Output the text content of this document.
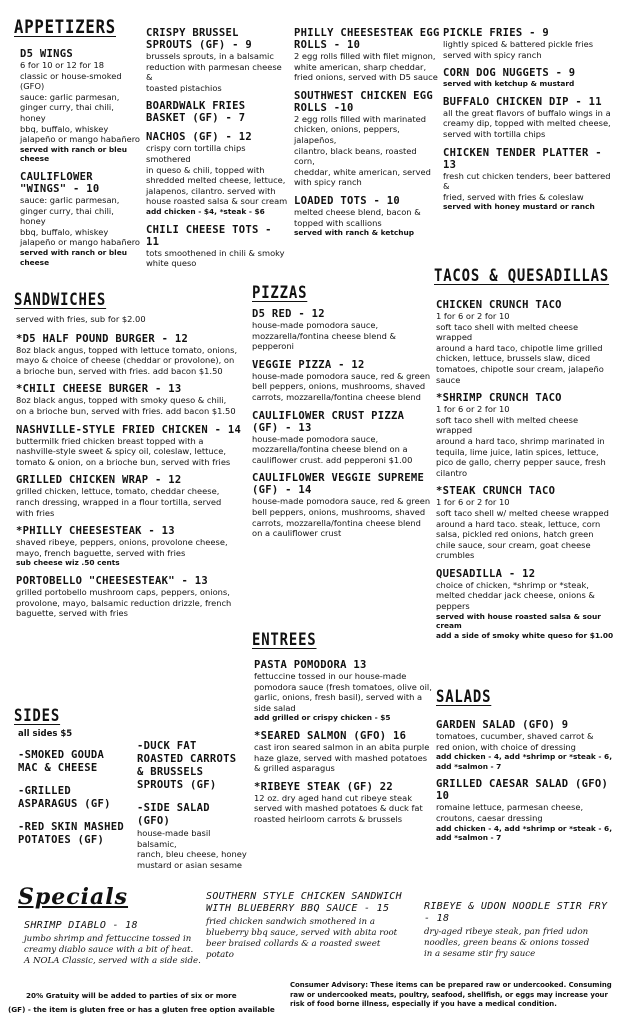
APPETIZERS
D5 WINGS
6 for 10 or 12 for 18
classic or house-smoked
(GFO)
sauce: garlic parmesan,
ginger curry, thai chili, honey
bbq, buffalo, whiskey
jalapeño or mango habañero
served with ranch or bleu cheese
CAULIFLOWER "WINGS" - 10
sauce: garlic parmesan,
ginger curry, thai chili, honey
bbq, buffalo, whiskey
jalapeño or mango habañero
served with ranch or bleu cheese
CRISPY BRUSSEL SPROUTS (GF) - 9
brussels sprouts, in a balsamic
reduction with parmesan cheese &
toasted pistachios
BOARDWALK FRIES BASKET (GF) - 7
NACHOS (GF) - 12
crispy corn tortilla chips smothered
in queso & chili, topped with
shredded melted cheese, lettuce,
jalapenos, cilantro. served with
house roasted salsa & sour cream
add chicken - $4, *steak - $6
CHILI CHEESE TOTS - 11
tots smoothened in chili & smoky
white queso
PHILLY CHEESESTEAK EGG ROLLS - 10
2 egg rolls filled with filet mignon,
white american, sharp cheddar,
fried onions, served with D5 sauce
SOUTHWEST CHICKEN EGG ROLLS -10
2 egg rolls filled with marinated
chicken, onions, peppers, jalapeños,
cilantro, black beans, roasted corn,
cheddar, white american, served
with spicy ranch
LOADED TOTS - 10
melted cheese blend, bacon &
topped with scallions
served with ranch & ketchup
PICKLE FRIES - 9
lightly spiced & battered pickle fries
served with spicy ranch
CORN DOG NUGGETS - 9
served with ketchup & mustard
BUFFALO CHICKEN DIP - 11
all the great flavors of buffalo wings in a
creamy dip, topped with melted cheese,
served with tortilla chips
CHICKEN TENDER PLATTER - 13
fresh cut chicken tenders, beer battered &
fried, served with fries & coleslaw
served with honey mustard or ranch
SANDWICHES
served with fries, sub for $2.00
*D5 HALF POUND BURGER - 12
8oz black angus, topped with lettuce tomato, onions,
mayo & choice of cheese (cheddar or provolone), on
a brioche bun, served with fries. add bacon $1.50
*CHILI CHEESE BURGER - 13
8oz black angus, topped with smoky queso & chili,
on a brioche bun, served with fries. add bacon $1.50
NASHVILLE-STYLE FRIED CHICKEN - 14
buttermilk fried chicken breast topped with a
nashville-style sweet & spicy oil, coleslaw, lettuce,
tomato & onion, on a brioche bun, served with fries
GRILLED CHICKEN WRAP - 12
grilled chicken, lettuce, tomato, cheddar cheese,
ranch dressing, wrapped in a flour tortilla, served
with fries
*PHILLY CHEESESTEAK - 13
shaved ribeye, peppers, onions, provolone cheese,
mayo, french baguette, served with fries
sub cheese wiz .50 cents
PORTOBELLO "CHEESESTEAK" - 13
grilled portobello mushroom caps, peppers, onions,
provolone, mayo, balsamic reduction drizzle, french
baguette, served with fries
PIZZAS
D5 RED - 12
house-made pomodora sauce,
mozzarella/fontina cheese blend &
pepperoni
VEGGIE PIZZA - 12
house-made pomodora sauce, red & green
bell peppers, onions, mushrooms, shaved
carrots, mozzarella/fontina cheese blend
CAULIFLOWER CRUST PIZZA (GF) - 13
house-made pomodora sauce,
mozzarella/fontina cheese blend on a
cauliflower crust. add pepperoni $1.00
CAULIFLOWER VEGGIE SUPREME (GF) - 14
house-made pomodora sauce, red & green
bell peppers, onions, mushrooms, shaved
carrots, mozzarella/fontina cheese blend
on a cauliflower crust
TACOS & QUESADILLAS
CHICKEN CRUNCH TACO
1 for 6 or 2 for 10
soft taco shell with melted cheese wrapped
around a hard taco, chipotle lime grilled
chicken, lettuce, brussels slaw, diced
tomatoes, chipotle sour cream, jalapeño
sauce
*SHRIMP CRUNCH TACO
1 for 6 or 2 for 10
soft taco shell with melted cheese wrapped
around a hard taco, shrimp marinated in
tequila, lime juice, latin spices, lettuce,
pico de gallo, cherry pepper sauce, fresh
cilantro
*STEAK CRUNCH TACO
1 for 6 or 2 for 10
soft taco shell w/ melted cheese wrapped
around a hard taco. steak, lettuce, corn
salsa, pickled red onions, hatch green
chile sauce, sour cream, goat cheese
crumbles
QUESADILLA - 12
choice of chicken, *shrimp or *steak,
melted cheddar jack cheese, onions &
peppers
served with house roasted salsa & sour cream
add a side of smoky white queso for $1.00
ENTREES
PASTA POMODORA 13
fettuccine tossed in our house-made
pomodora sauce (fresh tomatoes, olive oil,
garlic, onions, fresh basil), served with a
side salad
add grilled or crispy chicken - $5
*SEARED SALMON (GFO) 16
cast iron seared salmon in an abita purple
haze glaze, served with mashed potatoes
& grilled asparagus
*RIBEYE STEAK (GF) 22
12 oz. dry aged hand cut ribeye steak
served with mashed potatoes & duck fat
roasted heirloom carrots & brussels
SALADS
GARDEN SALAD (GFO) 9
tomatoes, cucumber, shaved carrot &
red onion, with choice of dressing
add chicken - 4, add *shrimp or *steak - 6,
add *salmon - 7
GRILLED CAESAR SALAD (GFO) 10
romaine lettuce, parmesan cheese,
croutons, caesar dressing
add chicken - 4, add *shrimp or *steak - 6,
add *salmon - 7
SIDES
all sides $5
-SMOKED GOUDA MAC & CHEESE
-GRILLED ASPARAGUS (GF)
-RED SKIN MASHED POTATOES (GF)
-DUCK FAT ROASTED CARROTS & BRUSSELS SPROUTS (GF)
-SIDE SALAD (GFO)
house-made basil balsamic,
ranch, bleu cheese, honey
mustard or asian sesame
Specials
SHRIMP DIABLO - 18
jumbo shrimp and fettuccine tossed in
creamy diablo sauce with a bit of heat.
A NOLA Classic, served with a side side.
SOUTHERN STYLE CHICKEN SANDWICH WITH BLUEBERRY BBQ SAUCE - 15
fried chicken sandwich smothered in a
blueberry bbq sauce, served with abita root
beer braised collards & a roasted sweet potato
RIBEYE & UDON NOODLE STIR FRY - 18
dry-aged ribeye steak, pan fried udon
noodles, green beans & onions tossed
in a sesame stir fry sauce
20% Gratuity will be added to parties of six or more
(GF) - the item is gluten free or has a gluten free option available
Consumer Advisory: These items can be prepared raw or undercooked. Consuming
raw or undercooked meats, poultry, seafood, shellfish, or eggs may increase your
risk of food borne illness, especially if you have a medical condition.
